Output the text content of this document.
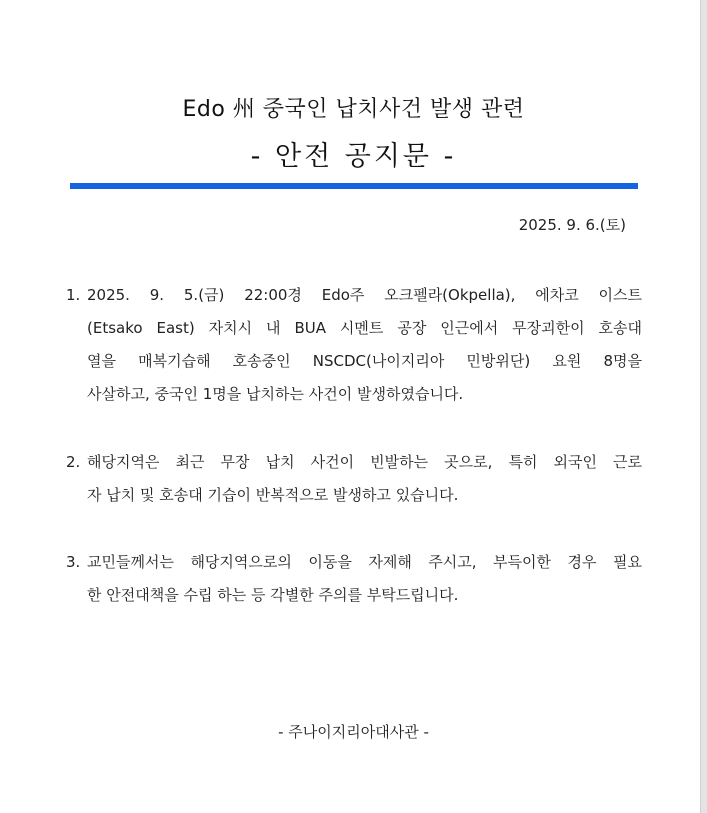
Edo 州 중국인 납치사건 발생 관련
- 안전 공지문 -
2025. 9. 6.(토)
1. 2025. 9. 5.(금) 22:00경 Edo주 오크펠라(Okpella), 에차코 이스트
(Etsako East) 자치시 내 BUA 시멘트 공장 인근에서 무장괴한이 호송대
열을 매복기습해 호송중인 NSCDC(나이지리아 민방위단) 요원 8명을
사살하고, 중국인 1명을 납치하는 사건이 발생하였습니다.
2. 해당지역은 최근 무장 납치 사건이 빈발하는 곳으로, 특히 외국인 근로
자 납치 및 호송대 기습이 반복적으로 발생하고 있습니다.
3. 교민들께서는 해당지역으로의 이동을 자제해 주시고, 부득이한 경우 필요
한 안전대책을 수립 하는 등 각별한 주의를 부탁드립니다.
- 주나이지리아대사관 -
